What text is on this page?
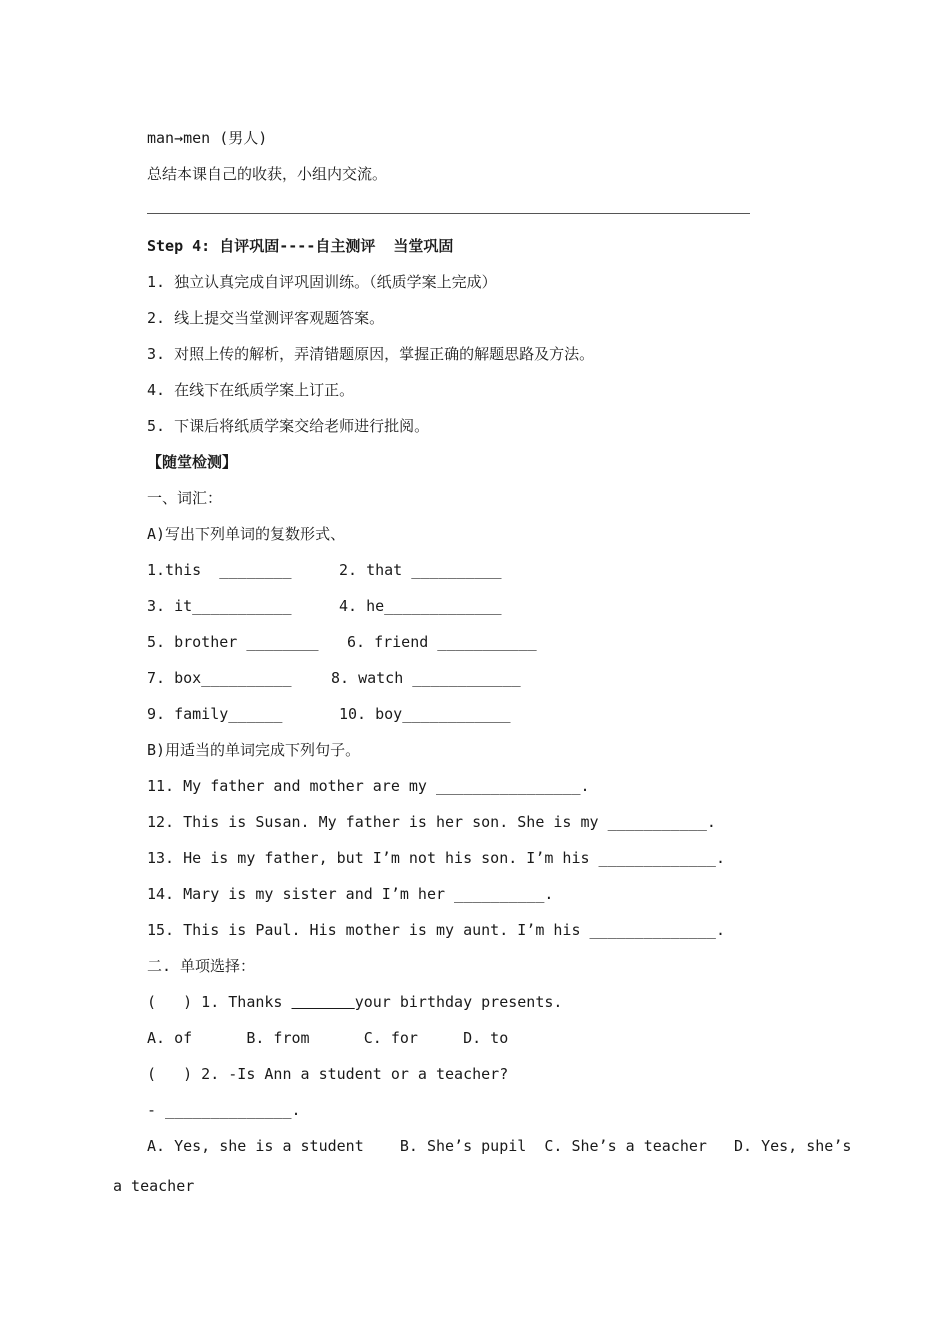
man→men (男人)
总结本课自己的收获，小组内交流。
Step 4: 自评巩固----自主测评  当堂巩固
1. 独立认真完成自评巩固训练。（纸质学案上完成）
2. 线上提交当堂测评客观题答案。
3. 对照上传的解析，弄清错题原因，掌握正确的解题思路及方法。
4. 在线下在纸质学案上订正。
5. 下课后将纸质学案交给老师进行批阅。
【随堂检测】
一、词汇：
A)写出下列单词的复数形式、
1.this  ________	2. that __________
3. it___________	4. he_____________
5. brother ________ 6. friend ___________
7. box__________	8. watch ____________
9. family______	10. boy____________
B)用适当的单词完成下列句子。
11. My father and mother are my ________________.
12. This is Susan. My father is her son. She is my ___________.
13. He is my father, but I’m not his son. I’m his _____________.
14. Mary is my sister and I’m her __________.
15. This is Paul. His mother is my aunt. I’m his ______________.
二. 单项选择：
(   ) 1. Thanks	your birthday presents.
A. of      B. from      C. for     D. to
(   ) 2. -Is Ann a student or a teacher?
- ______________.
A. Yes, she is a student    B. She’s pupil  C. She’s a teacher   D. Yes, she’s
a teacher
